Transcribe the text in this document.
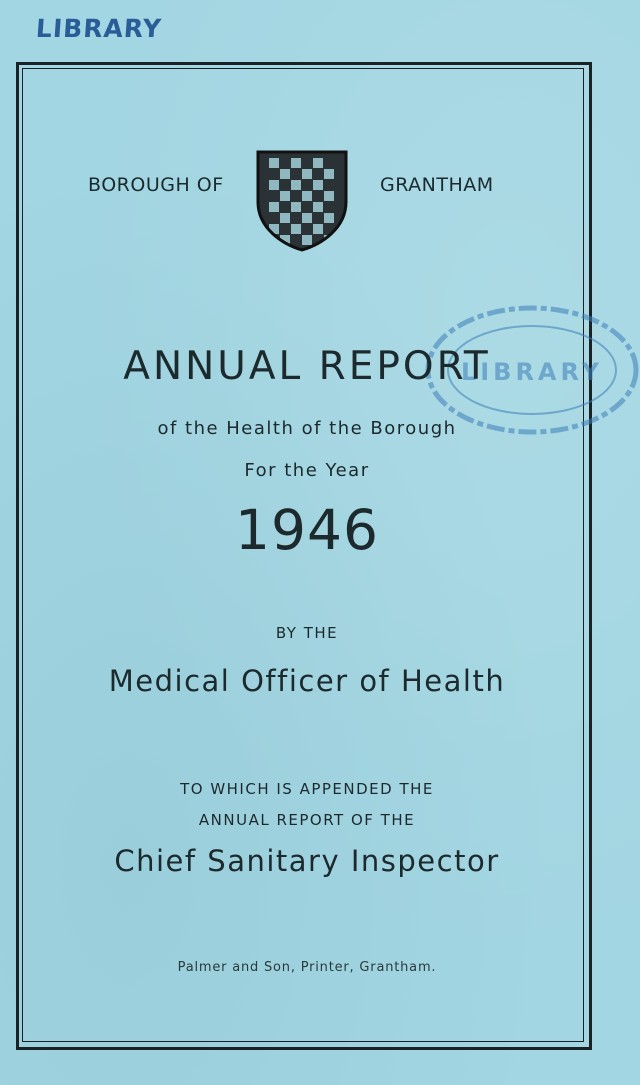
LIBRARY
BOROUGH OF	GRANTHAM
LIBRARY
ANNUAL REPORT
of the Health of the Borough
For the Year
1946
BY THE
Medical Officer of Health
TO WHICH IS APPENDED THE
ANNUAL REPORT OF THE
Chief Sanitary Inspector
Palmer and Son, Printer, Grantham.
